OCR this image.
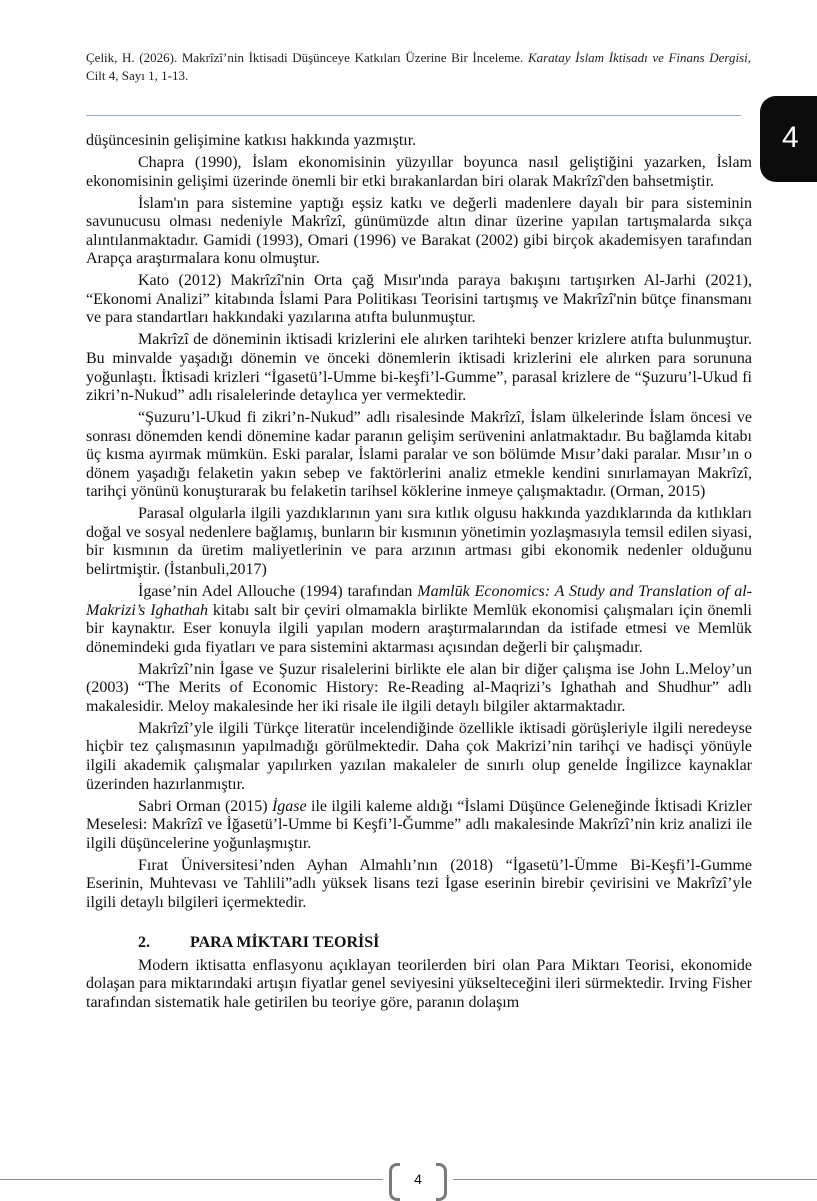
Çelik, H. (2026). Makrîzî’nin İktisadi Düşünceye Katkıları Üzerine Bir İnceleme. Karatay İslam İktisadı ve Finans Dergisi, Cilt 4, Sayı 1, 1-13.
4

düşüncesinin gelişimine katkısı hakkında yazmıştır.

Chapra (1990), İslam ekonomisinin yüzyıllar boyunca nasıl geliştiğini yazarken, İslam ekonomisinin gelişimi üzerinde önemli bir etki bırakanlardan biri olarak Makrîzî'den bahsetmiştir.

İslam'ın para sistemine yaptığı eşsiz katkı ve değerli madenlere dayalı bir para sisteminin savunucusu olması nedeniyle Makrîzî, günümüzde altın dinar üzerine yapılan tartışmalarda sıkça alıntılanmaktadır. Gamidi (1993), Omari (1996) ve Barakat (2002) gibi birçok akademisyen tarafından Arapça araştırmalara konu olmuştur.

Kato (2012) Makrîzî'nin Orta çağ Mısır'ında paraya bakışını tartışırken Al-Jarhi (2021), “Ekonomi Analizi” kitabında İslami Para Politikası Teorisini tartışmış ve Makrîzî'nin bütçe finansmanı ve para standartları hakkındaki yazılarına atıfta bulunmuştur.

Makrîzî de döneminin iktisadi krizlerini ele alırken tarihteki benzer krizlere atıfta bulunmuştur. Bu minvalde yaşadığı dönemin ve önceki dönemlerin iktisadi krizlerini ele alırken para sorununa yoğunlaştı. İktisadi krizleri “İgasetü’l-Umme bi-keşfi’l-Gumme”, parasal krizlere de “Şuzuru’l-Ukud fi zikri’n-Nukud” adlı risalelerinde detaylıca yer vermektedir.

“Şuzuru’l-Ukud fi zikri’n-Nukud” adlı risalesinde Makrîzî, İslam ülkelerinde İslam öncesi ve sonrası dönemden kendi dönemine kadar paranın gelişim serüvenini anlatmaktadır. Bu bağlamda kitabı üç kısma ayırmak mümkün. Eski paralar, İslami paralar ve son bölümde Mısır’daki paralar. Mısır’ın o dönem yaşadığı felaketin yakın sebep ve faktörlerini analiz etmekle kendini sınırlamayan Makrîzî, tarihçi yönünü konuşturarak bu felaketin tarihsel köklerine inmeye çalışmaktadır. (Orman, 2015)

Parasal olgularla ilgili yazdıklarının yanı sıra kıtlık olgusu hakkında yazdıklarında da kıtlıkları doğal ve sosyal nedenlere bağlamış, bunların bir kısmının yönetimin yozlaşmasıyla temsil edilen siyasi, bir kısmının da üretim maliyetlerinin ve para arzının artması gibi ekonomik nedenler olduğunu belirtmiştir. (İstanbuli,2017)

İgase’nin Adel Allouche (1994) tarafından Mamlūk Economics: A Study and Translation of al-Makrizi’s Ighathah kitabı salt bir çeviri olmamakla birlikte Memlük ekonomisi çalışmaları için önemli bir kaynaktır. Eser konuyla ilgili yapılan modern araştırmalarından da istifade etmesi ve Memlük dönemindeki gıda fiyatları ve para sistemini aktarması açısından değerli bir çalışmadır.

Makrîzî’nin İgase ve Şuzur risalelerini birlikte ele alan bir diğer çalışma ise John L.Meloy’un (2003) “The Merits of Economic History: Re-Reading al-Maqrizi’s Ighathah and Shudhur” adlı makalesidir. Meloy makalesinde her iki risale ile ilgili detaylı bilgiler aktarmaktadır.

Makrîzî’yle ilgili Türkçe literatür incelendiğinde özellikle iktisadi görüşleriyle ilgili neredeyse hiçbir tez çalışmasının yapılmadığı görülmektedir. Daha çok Makrizi’nin tarihçi ve hadisçi yönüyle ilgili akademik çalışmalar yapılırken yazılan makaleler de sınırlı olup genelde İngilizce kaynaklar üzerinden hazırlanmıştır.

Sabri Orman (2015) İgase ile ilgili kaleme aldığı “İslami Düşünce Geleneğinde İktisadi Krizler Meselesi: Makrîzî ve İğasetü’l-Umme bi Keşfi’l-Ğumme” adlı makalesinde Makrîzî’nin kriz analizi ile ilgili düşüncelerine yoğunlaşmıştır.

Fırat Üniversitesi’nden Ayhan Almahlı’nın (2018) “İgasetü’l-Ümme Bi-Keşfi’l-Gumme Eserinin, Muhtevası ve Tahlili”adlı yüksek lisans tezi İgase eserinin birebir çevirisini ve Makrîzî’yle ilgili detaylı bilgileri içermektedir.

2.	PARA MİKTARI TEORİSİ

Modern iktisatta enflasyonu açıklayan teorilerden biri olan Para Miktarı Teorisi, ekonomide dolaşan para miktarındaki artışın fiyatlar genel seviyesini yükselteceğini ileri sürmektedir. Irving Fisher tarafından sistematik hale getirilen bu teoriye göre, paranın dolaşım

4
